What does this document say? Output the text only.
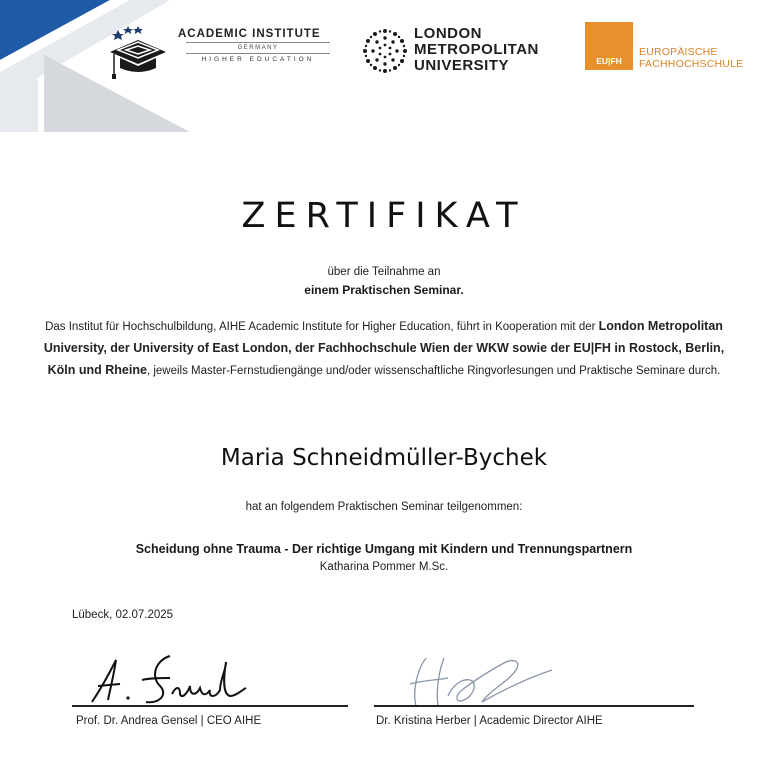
ACADEMIC INSTITUTE
GERMANY
HIGHER EDUCATION
LONDON
METROPOLITAN
UNIVERSITY	EU|FH
EUROPÄISCHE
FACHHOCHSCHULE
ZERTIFIKAT
über die Teilnahme an
einem Praktischen Seminar.
Das Institut für Hochschulbildung, AIHE Academic Institute for Higher Education, führt in Kooperation mit der London Metropolitan University, der University of East London, der Fachhochschule Wien der WKW sowie der EU|FH in Rostock, Berlin, Köln und Rheine, jeweils Master-Fernstudiengänge und/oder wissenschaftliche Ringvorlesungen und Praktische Seminare durch.
Maria Schneidmüller-Bychek
hat an folgendem Praktischen Seminar teilgenommen:
Scheidung ohne Trauma - Der richtige Umgang mit Kindern und Trennungspartnern
Katharina Pommer M.Sc.
Lübeck, 02.07.2025
Prof. Dr. Andrea Gensel | CEO AIHE	Dr. Kristina Herber | Academic Director AIHE
